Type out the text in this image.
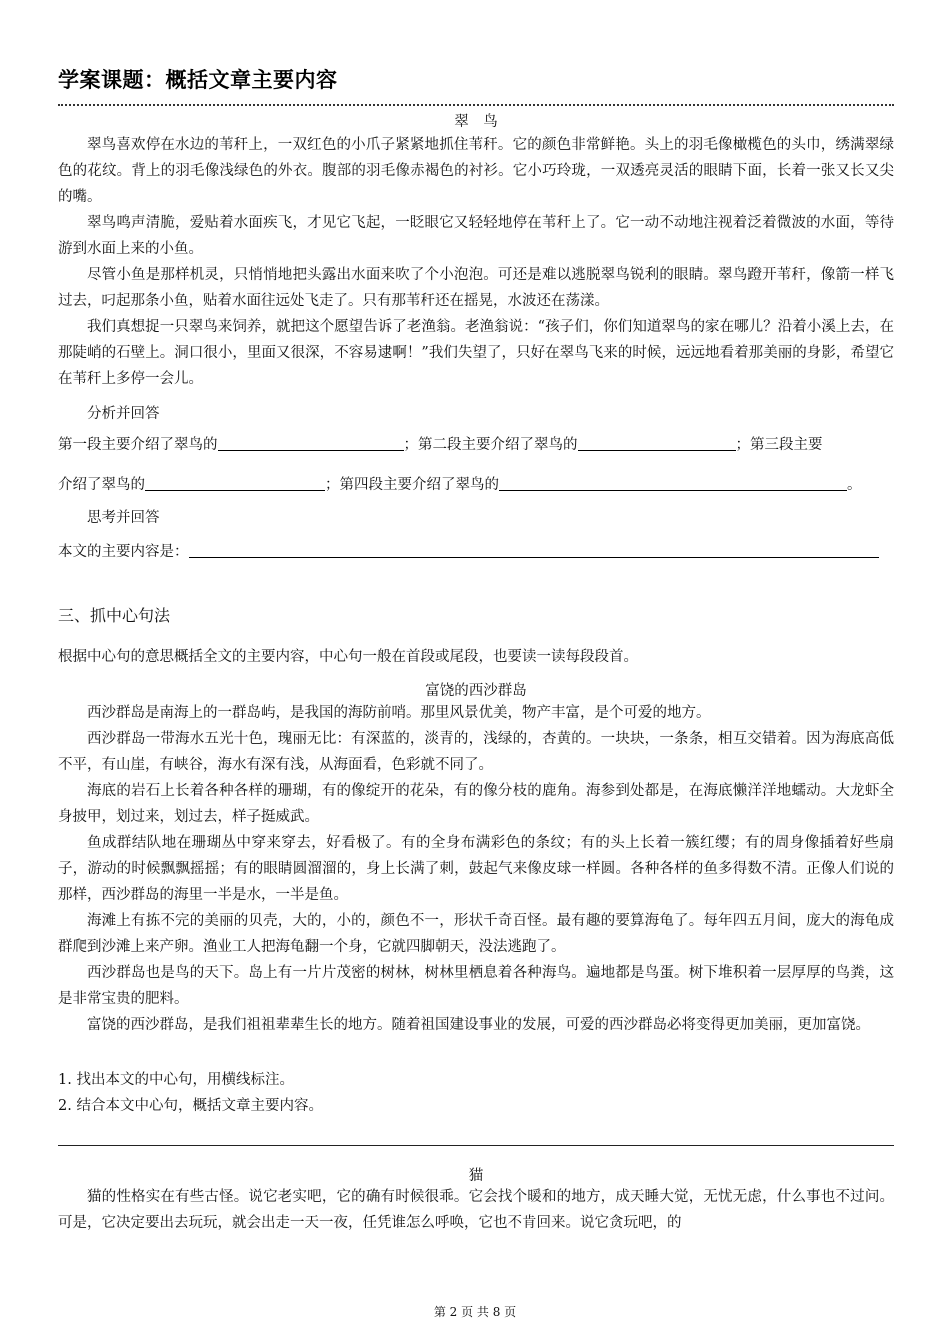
学案课题：概括文章主要内容
翠　鸟

翠鸟喜欢停在水边的苇秆上，一双红色的小爪子紧紧地抓住苇秆。它的颜色非常鲜艳。头上的羽毛像橄榄色的头巾，绣满翠绿色的花纹。背上的羽毛像浅绿色的外衣。腹部的羽毛像赤褐色的衬衫。它小巧玲珑，一双透亮灵活的眼睛下面，长着一张又长又尖的嘴。

翠鸟鸣声清脆，爱贴着水面疾飞，才见它飞起，一眨眼它又轻轻地停在苇秆上了。它一动不动地注视着泛着微波的水面，等待游到水面上来的小鱼。

尽管小鱼是那样机灵，只悄悄地把头露出水面来吹了个小泡泡。可还是难以逃脱翠鸟锐利的眼睛。翠鸟蹬开苇秆，像箭一样飞过去，叼起那条小鱼，贴着水面往远处飞走了。只有那苇秆还在摇晃，水波还在荡漾。

我们真想捉一只翠鸟来饲养，就把这个愿望告诉了老渔翁。老渔翁说：“孩子们，你们知道翠鸟的家在哪儿？沿着小溪上去，在那陡峭的石壁上。洞口很小，里面又很深，不容易逮啊！”我们失望了，只好在翠鸟飞来的时候，远远地看着那美丽的身影，希望它在苇秆上多停一会儿。

分析并回答
第一段主要介绍了翠鸟的	；第二段主要介绍了翠鸟的	；第三段主要
介绍了翠鸟的	；第四段主要介绍了翠鸟的	。
思考并回答
本文的主要内容是：
三、抓中心句法
根据中心句的意思概括全文的主要内容，中心句一般在首段或尾段，也要读一读每段段首。
富饶的西沙群岛

西沙群岛是南海上的一群岛屿，是我国的海防前哨。那里风景优美，物产丰富，是个可爱的地方。

西沙群岛一带海水五光十色，瑰丽无比：有深蓝的，淡青的，浅绿的，杏黄的。一块块，一条条，相互交错着。因为海底高低不平，有山崖，有峡谷，海水有深有浅，从海面看，色彩就不同了。

海底的岩石上长着各种各样的珊瑚，有的像绽开的花朵，有的像分枝的鹿角。海参到处都是，在海底懒洋洋地蠕动。大龙虾全身披甲，划过来，划过去，样子挺威武。

鱼成群结队地在珊瑚丛中穿来穿去，好看极了。有的全身布满彩色的条纹；有的头上长着一簇红缨；有的周身像插着好些扇子，游动的时候飘飘摇摇；有的眼睛圆溜溜的，身上长满了刺，鼓起气来像皮球一样圆。各种各样的鱼多得数不清。正像人们说的那样，西沙群岛的海里一半是水，一半是鱼。

海滩上有拣不完的美丽的贝壳，大的，小的，颜色不一，形状千奇百怪。最有趣的要算海龟了。每年四五月间，庞大的海龟成群爬到沙滩上来产卵。渔业工人把海龟翻一个身，它就四脚朝天，没法逃跑了。

西沙群岛也是鸟的天下。岛上有一片片茂密的树林，树林里栖息着各种海鸟。遍地都是鸟蛋。树下堆积着一层厚厚的鸟粪，这是非常宝贵的肥料。

富饶的西沙群岛，是我们祖祖辈辈生长的地方。随着祖国建设事业的发展，可爱的西沙群岛必将变得更加美丽，更加富饶。

1. 找出本文的中心句，用横线标注。
2. 结合本文中心句，概括文章主要内容。
猫

猫的性格实在有些古怪。说它老实吧，它的确有时候很乖。它会找个暖和的地方，成天睡大觉，无忧无虑，什么事也不过问。可是，它决定要出去玩玩，就会出走一天一夜，任凭谁怎么呼唤，它也不肯回来。说它贪玩吧，的

第 2 页 共 8 页
